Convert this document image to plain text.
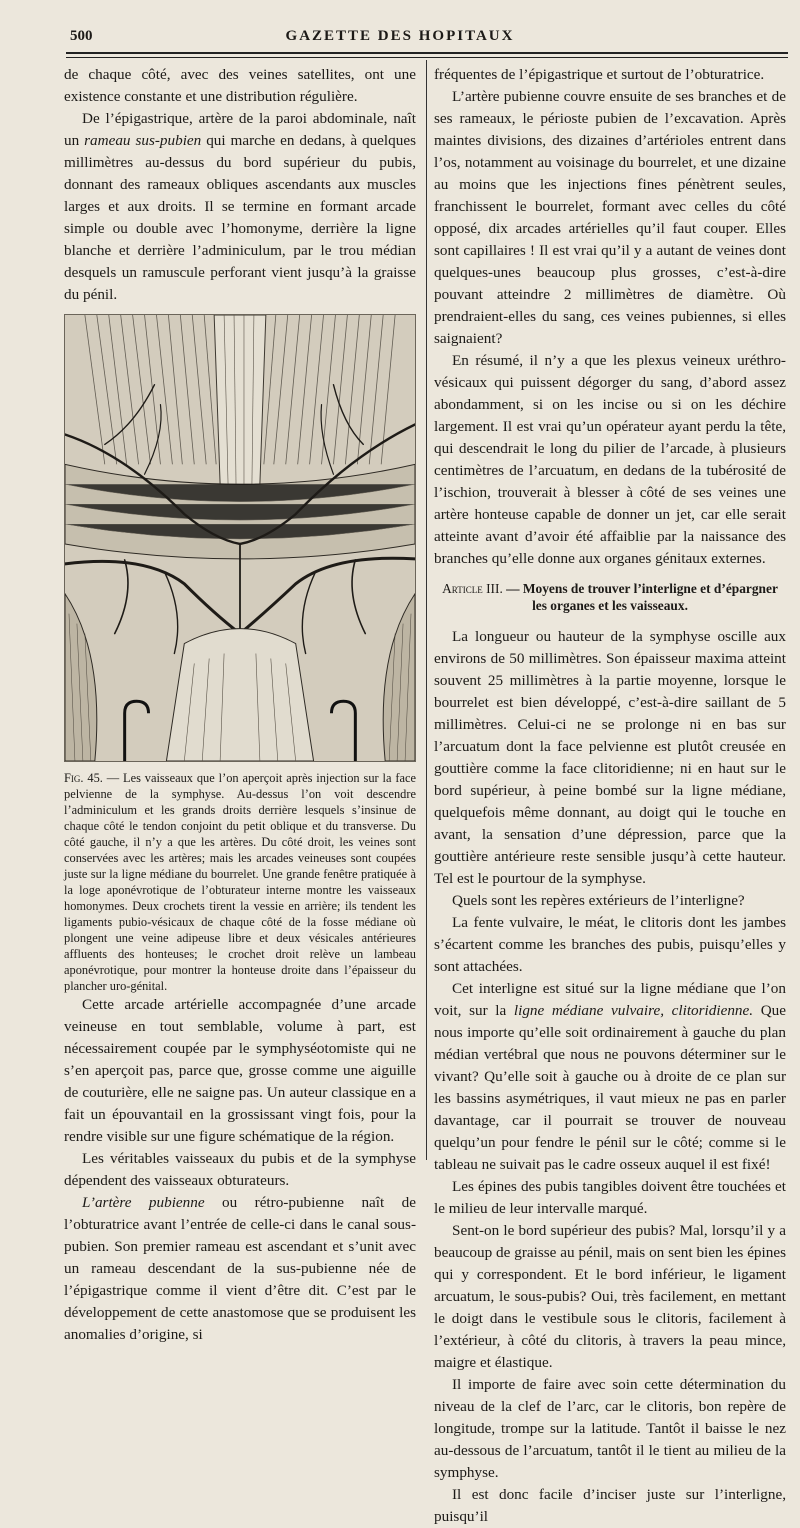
500	GAZETTE DES HOPITAUX

de chaque côté, avec des veines satellites, ont une existence constante et une distribution régulière.

De l’épigastrique, artère de la paroi abdominale, naît un rameau sus-pubien qui marche en dedans, à quelques millimètres au-dessus du bord supérieur du pubis, donnant des rameaux obliques ascendants aux muscles larges et aux droits. Il se termine en formant arcade simple ou double avec l’homonyme, derrière la ligne blanche et derrière l’adminiculum, par le trou médian desquels un ramuscule perforant vient jusqu’à la graisse du pénil.

Fig. 45. — Les vaisseaux que l’on aperçoit après injection sur la face pelvienne de la symphyse. Au-dessus l’on voit descendre l’adminiculum et les grands droits derrière lesquels s’insinue de chaque côté le tendon conjoint du petit oblique et du transverse. Du côté gauche, il n’y a que les artères. Du côté droit, les veines sont conservées avec les artères; mais les arcades veineuses sont coupées juste sur la ligne médiane du bourrelet. Une grande fenêtre pratiquée à la loge aponévrotique de l’obturateur interne montre les vaisseaux homonymes. Deux crochets tirent la vessie en arrière; ils tendent les ligaments pubio-vésicaux de chaque côté de la fosse médiane où plongent une veine adipeuse libre et deux vésicales antérieures affluents des honteuses; le crochet droit relève un lambeau aponévrotique, pour montrer la honteuse droite dans l’épaisseur du plancher uro-génital.

Cette arcade artérielle accompagnée d’une arcade veineuse en tout semblable, volume à part, est nécessairement coupée par le symphyséotomiste qui ne s’en aperçoit pas, parce que, grosse comme une aiguille de couturière, elle ne saigne pas. Un auteur classique en a fait un épouvantail en la grossissant vingt fois, pour la rendre visible sur une figure schématique de la région.

Les véritables vaisseaux du pubis et de la symphyse dépendent des vaisseaux obturateurs.

L’artère pubienne ou rétro-pubienne naît de l’obturatrice avant l’entrée de celle-ci dans le canal sous-pubien. Son premier rameau est ascendant et s’unit avec un rameau descendant de la sus-pubienne née de l’épigastrique comme il vient d’être dit. C’est par le développement de cette anastomose que se produisent les anomalies d’origine, si

fréquentes de l’épigastrique et surtout de l’obturatrice.

L’artère pubienne couvre ensuite de ses branches et de ses rameaux, le périoste pubien de l’excavation. Après maintes divisions, des dizaines d’artérioles entrent dans l’os, notamment au voisinage du bourrelet, et une dizaine au moins que les injections fines pénètrent seules, franchissent le bourrelet, formant avec celles du côté opposé, dix arcades artérielles qu’il faut couper. Elles sont capillaires ! Il est vrai qu’il y a autant de veines dont quelques-unes beaucoup plus grosses, c’est-à-dire pouvant atteindre 2 millimètres de diamètre. Où prendraient-elles du sang, ces veines pubiennes, si elles saignaient?

En résumé, il n’y a que les plexus veineux uréthro-vésicaux qui puissent dégorger du sang, d’abord assez abondamment, si on les incise ou si on les déchire largement. Il est vrai qu’un opérateur ayant perdu la tête, qui descendrait le long du pilier de l’arcade, à plusieurs centimètres de l’arcuatum, en dedans de la tubérosité de l’ischion, trouverait à blesser à côté de ses veines une artère honteuse capable de donner un jet, car elle serait atteinte avant d’avoir été affaiblie par la naissance des branches qu’elle donne aux organes génitaux externes.

Article III. — Moyens de trouver l’interligne et d’épargner les organes et les vaisseaux.

La longueur ou hauteur de la symphyse oscille aux environs de 50 millimètres. Son épaisseur maxima atteint souvent 25 millimètres à la partie moyenne, lorsque le bourrelet est bien développé, c’est-à-dire saillant de 5 millimètres. Celui-ci ne se prolonge ni en bas sur l’arcuatum dont la face pelvienne est plutôt creusée en gouttière comme la face clitoridienne; ni en haut sur le bord supérieur, à peine bombé sur la ligne médiane, quelquefois même donnant, au doigt qui le touche en avant, la sensation d’une dépression, parce que la gouttière antérieure reste sensible jusqu’à cette hauteur. Tel est le pourtour de la symphyse.

Quels sont les repères extérieurs de l’interligne?

La fente vulvaire, le méat, le clitoris dont les jambes s’écartent comme les branches des pubis, puisqu’elles y sont attachées.

Cet interligne est situé sur la ligne médiane que l’on voit, sur la ligne médiane vulvaire, clitoridienne. Que nous importe qu’elle soit ordinairement à gauche du plan médian vertébral que nous ne pouvons déterminer sur le vivant? Qu’elle soit à gauche ou à droite de ce plan sur les bassins asymétriques, il vaut mieux ne pas en parler davantage, car il pourrait se trouver de nouveau quelqu’un pour fendre le pénil sur le côté; comme si le tableau ne suivait pas le cadre osseux auquel il est fixé!

Les épines des pubis tangibles doivent être touchées et le milieu de leur intervalle marqué.

Sent-on le bord supérieur des pubis? Mal, lorsqu’il y a beaucoup de graisse au pénil, mais on sent bien les épines qui y correspondent. Et le bord inférieur, le ligament arcuatum, le sous-pubis? Oui, très facilement, en mettant le doigt dans le vestibule sous le clitoris, facilement à l’extérieur, à côté du clitoris, à travers la peau mince, maigre et élastique.

Il importe de faire avec soin cette détermination du niveau de la clef de l’arc, car le clitoris, bon repère de longitude, trompe sur la latitude. Tantôt il baisse le nez au-dessous de l’arcuatum, tantôt il le tient au milieu de la symphyse.

Il est donc facile d’inciser juste sur l’interligne, puisqu’il
